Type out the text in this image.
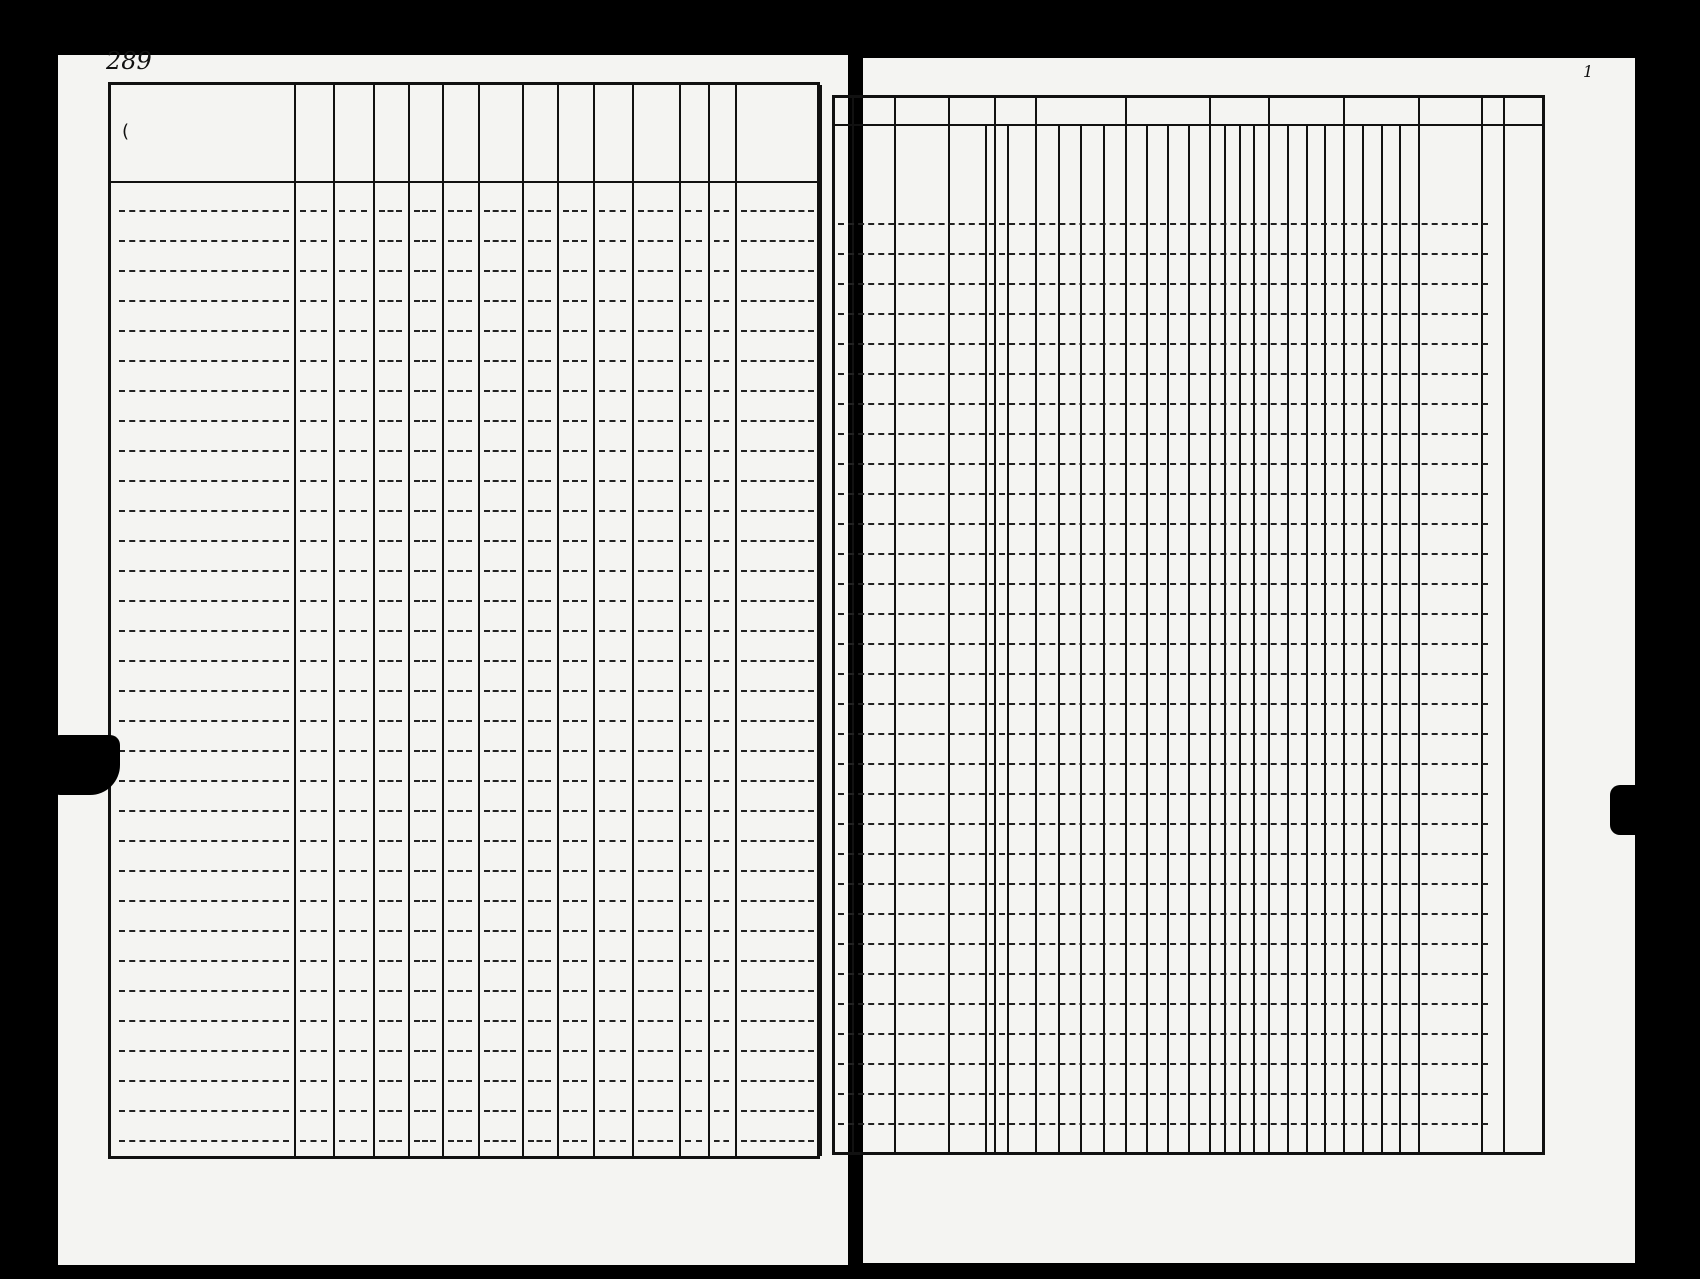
289
(
1
